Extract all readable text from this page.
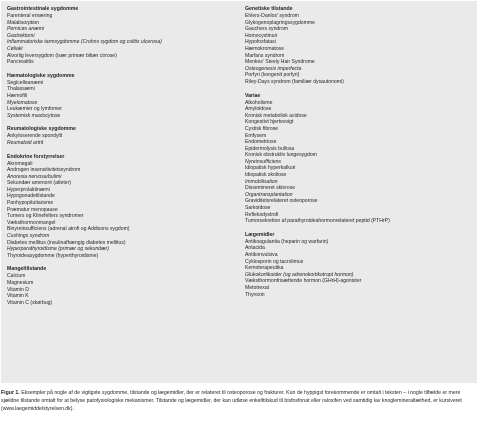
Gastrointestinale sygdomme
Parenteral ernæring
Malabsorption
Pernicøs anæmi
Gastrektomi
Inflammatoriske tarmsygdomme (Crohns sygdom og colitis ulcerosa)
Cøliaki
Alvorlig leversygdom (især primær biliær cirrose)
Pancreatitis
Hæmatologiske sygdomme
Seglcelleanæmi
Thalassæmi
Hæmofili
Myelomatose
Leukæmier og lymfomer
Systemisk mastocytose
Reumatologiske sygdomme
Ankyloserende spondylit
Reumatoid artrit
Endokrine forstyrrelser
Akromegali
Androgen insensitivitetssyndrom
Anorexia nervosa/bulimi
Sekundær amenoré (atleter)
Hyperprolaktinæmi
Hypogonadetilstande
Panhypopituitarisme
Præmatur menopause
Turners og Klinefelters syndromer
Væksthormonmangel
Binyreinsufficiens (adrenal atrofi og Addisons sygdom)
Cushings syndrom
Diabetes mellitus (insulinafhængig diabetes mellitus)
Hyperparathyroidisme (primær og sekundær)
Thyroideasygdomme (hyperthyroidisme)
Mangeltilstande
Calcium
Magnesium
Vitamin D
Vitamin K
Vitamin C (skørbug)
Genetiske tilstande
Ehlers-Danlos' syndrom
Glykogenoplagringssygdomme
Gauchers syndrom
Homocystinuri
Hypofosfatasi
Hæmokromatose
Marfans syndrom
Menkes' Steely Hair Syndrome
Osteogenesis imperfecta
Porfyri (kongenit porfyri)
Riley-Days syndrom (familiær dysautonomi)
Variae
Alkoholisme
Amyloidose
Kronisk metabolisk acidose
Kongestivt hjertesvigt
Cystisk fibrose
Emfysem
Endometriose
Epidermolysis bullosa
Kronisk obstruktiv lungesygdom
Nyreinsufficiens
Idiopatisk hyperkalkuri
Idiopatisk skoliose
Immobilisation
Dissemineret sklerose
Organtransplantation
Graviditetsrelateret osteoporose
Sarkoidose
Refleksdystrofi
Tumorsekretion af parathyroideahormonrelateret peptid (PTHrP)
Lægemidler
Antikoagulantia (heparin og warfarin)
Antacida
Antikonvulsiva
Cyklosporin og tacrolimus
Kemoterapeutika
Glukokortikoider (og adrenokortikotropt hormon)
Væksthormonfrisættende hormon (GHrH)-agonister
Metotrexat
Thyroxin

Figur 1. Eksempler på nogle af de vigtigste sygdomme, tilstande og lægemidler, der er relateret til osteoporose og frakturer. Kun de hyppigst forekommende er omtalt i teksten – i nogle tilfælde er mere sjældne tilstande omtalt for at belyse patofysiologiske mekanismer. Tilstande og lægemidler, der kan udløse enkelttilskud til bisfosfonat eller raloxifen ved samtidig lav knoglemineraltæthed, er kursiveret (www.laegemiddelstyrelsen.dk).
